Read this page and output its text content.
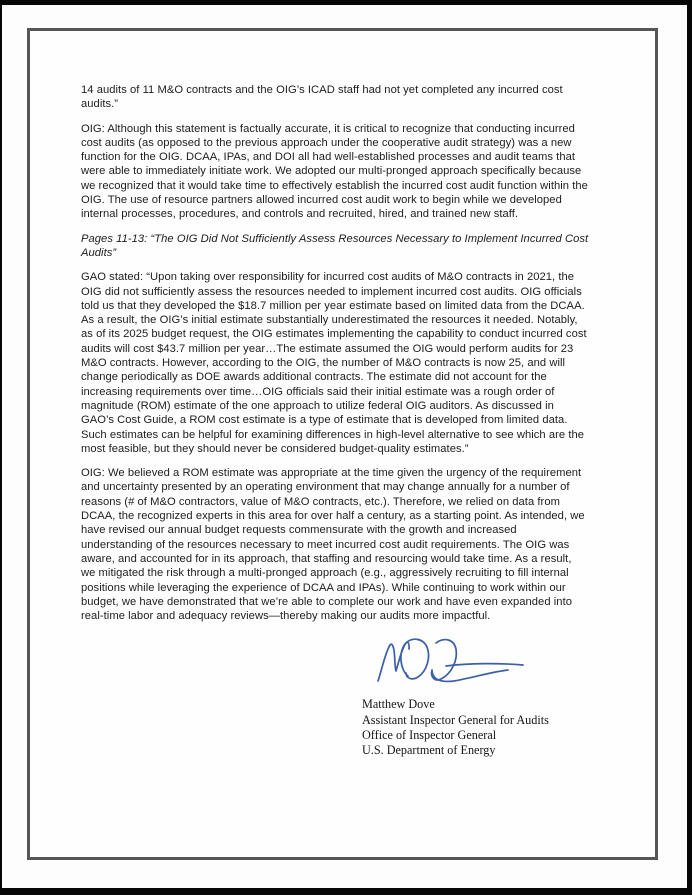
14 audits of 11 M&O contracts and the OIG’s ICAD staff had not yet completed any incurred cost audits.”

OIG: Although this statement is factually accurate, it is critical to recognize that conducting incurred cost audits (as opposed to the previous approach under the cooperative audit strategy) was a new function for the OIG. DCAA, IPAs, and DOI all had well-established processes and audit teams that were able to immediately initiate work. We adopted our multi-pronged approach specifically because we recognized that it would take time to effectively establish the incurred cost audit function within the OIG. The use of resource partners allowed incurred cost audit work to begin while we developed internal processes, procedures, and controls and recruited, hired, and trained new staff.

Pages 11-13: “The OIG Did Not Sufficiently Assess Resources Necessary to Implement Incurred Cost Audits”

GAO stated: “Upon taking over responsibility for incurred cost audits of M&O contracts in 2021, the OIG did not sufficiently assess the resources needed to implement incurred cost audits. OIG officials told us that they developed the $18.7 million per year estimate based on limited data from the DCAA. As a result, the OIG’s initial estimate substantially underestimated the resources it needed. Notably, as of its 2025 budget request, the OIG estimates implementing the capability to conduct incurred cost audits will cost $43.7 million per year…The estimate assumed the OIG would perform audits for 23 M&O contracts. However, according to the OIG, the number of M&O contracts is now 25, and will change periodically as DOE awards additional contracts. The estimate did not account for the increasing requirements over time…OIG officials said their initial estimate was a rough order of magnitude (ROM) estimate of the one approach to utilize federal OIG auditors. As discussed in GAO’s Cost Guide, a ROM cost estimate is a type of estimate that is developed from limited data. Such estimates can be helpful for examining differences in high-level alternative to see which are the most feasible, but they should never be considered budget-quality estimates.”

OIG: We believed a ROM estimate was appropriate at the time given the urgency of the requirement and uncertainty presented by an operating environment that may change annually for a number of reasons (# of M&O contractors, value of M&O contracts, etc.). Therefore, we relied on data from DCAA, the recognized experts in this area for over half a century, as a starting point. As intended, we have revised our annual budget requests commensurate with the growth and increased understanding of the resources necessary to meet incurred cost audit requirements. The OIG was aware, and accounted for in its approach, that staffing and resourcing would take time. As a result, we mitigated the risk through a multi-pronged approach (e.g., aggressively recruiting to fill internal positions while leveraging the experience of DCAA and IPAs). While continuing to work within our budget, we have demonstrated that we’re able to complete our work and have even expanded into real-time labor and adequacy reviews—thereby making our audits more impactful.

Matthew Dove
Assistant Inspector General for Audits
Office of Inspector General
U.S. Department of Energy
